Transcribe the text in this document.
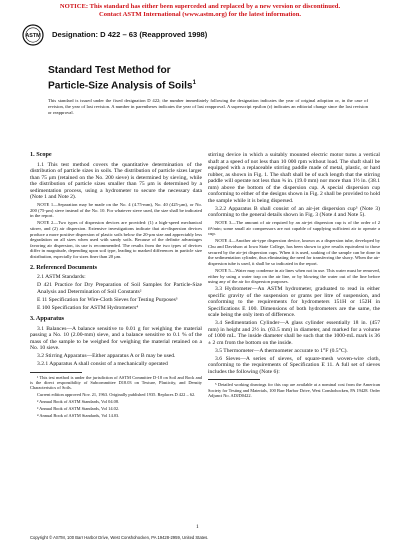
NOTICE: This standard has either been superceded and replaced by a new version or discontinued.
Contact ASTM International (www.astm.org) for the latest information.
ASTM Designation: D 422 – 63 (Reapproved 1998)
Standard Test Method for
Particle-Size Analysis of Soils$^1$
This standard is issued under the fixed designation D 422; the number immediately following the designation indicates the year of original adoption or, in the case of revision, the year of last revision. A number in parentheses indicates the year of last reapproval. A superscript epsilon (ε) indicates an editorial change since the last revision or reapproval.
1. Scope

1.1 This test method covers the quantitative determination of the distribution of particle sizes in soils. The distribution of particle sizes larger than 75 μm (retained on the No. 200 sieve) is determined by sieving, while the distribution of particle sizes smaller than 75 μm is determined by a sedimentation process, using a hydrometer to secure the necessary data (Note 1 and Note 2).

NOTE 1—Separation may be made on the No. 4 (4.75-mm), No. 40 (425-μm), or No. 200 (75-μm) sieve instead of the No. 10. For whatever sieve used, the size shall be indicated in the report.

NOTE 2—Two types of dispersion devices are provided: (1) a high-speed mechanical stirrer, and (2) air dispersion. Extensive investigations indicate that air-dispersion devices produce a more positive dispersion of plastic soils below the 20-μm size and appreciably less degradation on all sizes when used with sandy soils. Because of the definite advantages favoring air dispersion, its use is recommended. The results from the two types of devices differ in magnitude, depending upon soil type, leading to marked differences in particle size distribution, especially for sizes finer than 20 μm.

2. Referenced Documents

2.1 ASTM Standards:

D 421 Practice for Dry Preparation of Soil Samples for Particle-Size Analysis and Determination of Soil Constants²

E 11 Specification for Wire-Cloth Sieves for Testing Purposes³

E 100 Specification for ASTM Hydrometers⁴

3. Apparatus

3.1 Balances—A balance sensitive to 0.01 g for weighing the material passing a No. 10 (2.00-mm) sieve, and a balance sensitive to 0.1 % of the mass of the sample to be weighed for weighing the material retained on a No. 10 sieve.

3.2 Stirring Apparatus—Either apparatus A or B may be used.

3.2.1 Apparatus A shall consist of a mechanically operated

¹ This test method is under the jurisdiction of ASTM Committee D-18 on Soil and Rock and is the direct responsibility of Subcommittee D18.03 on Texture, Plasticity, and Density Characteristics of Soils.

Current edition approved Nov. 21, 1963. Originally published 1935. Replaces D 422 – 62.

² Annual Book of ASTM Standards, Vol 04.08.

³ Annual Book of ASTM Standards, Vol 14.02.

⁴ Annual Book of ASTM Standards, Vol 14.03.

stirring device in which a suitably mounted electric motor turns a vertical shaft at a speed of not less than 10 000 rpm without load. The shaft shall be equipped with a replaceable stirring paddle made of metal, plastic, or hard rubber, as shown in Fig. 1. The shaft shall be of such length that the stirring paddle will operate not less than ¾ in. (19.0 mm) nor more than 1½ in. (38.1 mm) above the bottom of the dispersion cup. A special dispersion cup conforming to either of the designs shown in Fig. 2 shall be provided to hold the sample while it is being dispersed.

3.2.2 Apparatus B shall consist of an air-jet dispersion cup⁵ (Note 3) conforming to the general details shown in Fig. 3 (Note 4 and Note 5).

NOTE 3—The amount of air required by an air-jet dispersion cup is of the order of 2 ft³/min; some small air compressors are not capable of supplying sufficient air to operate a cup.

NOTE 4—Another air-type dispersion device, known as a dispersion tube, developed by Chu and Davidson at Iowa State College, has been shown to give results equivalent to those secured by the air-jet dispersion cups. When it is used, soaking of the sample can be done in the sedimentation cylinder, thus eliminating the need for transferring the slurry. When the air-dispersion tube is used, it shall be so indicated in the report.

NOTE 5—Water may condense in air lines when not in use. This water must be removed, either by using a water trap on the air line, or by blowing the water out of the line before using any of the air for dispersion purposes.

3.3 Hydrometer—An ASTM hydrometer, graduated to read in either specific gravity of the suspension or grams per litre of suspension, and conforming to the requirements for hydrometers 151H or 152H in Specifications E 100. Dimensions of both hydrometers are the same, the scale being the only item of difference.

3.4 Sedimentation Cylinder—A glass cylinder essentially 18 in. (457 mm) in height and 2½ in. (63.5 mm) in diameter, and marked for a volume of 1000 mL. The inside diameter shall be such that the 1000-mL mark is 36 ± 2 cm from the bottom on the inside.

3.5 Thermometer—A thermometer accurate to 1°F (0.5°C).

3.6 Sieves—A series of sieves, of square-mesh woven-wire cloth, conforming to the requirements of Specification E 11. A full set of sieves includes the following (Note 6):

⁵ Detailed working drawings for this cup are available at a nominal cost from the American Society for Testing and Materials, 100 Barr Harbor Drive, West Conshohocken, PA 19428. Order Adjunct No. ADJD0422.

1
Copyright © ASTM, 100 Barr Harbor Drive, West Conshohocken, PA 19428-2959, United States.
